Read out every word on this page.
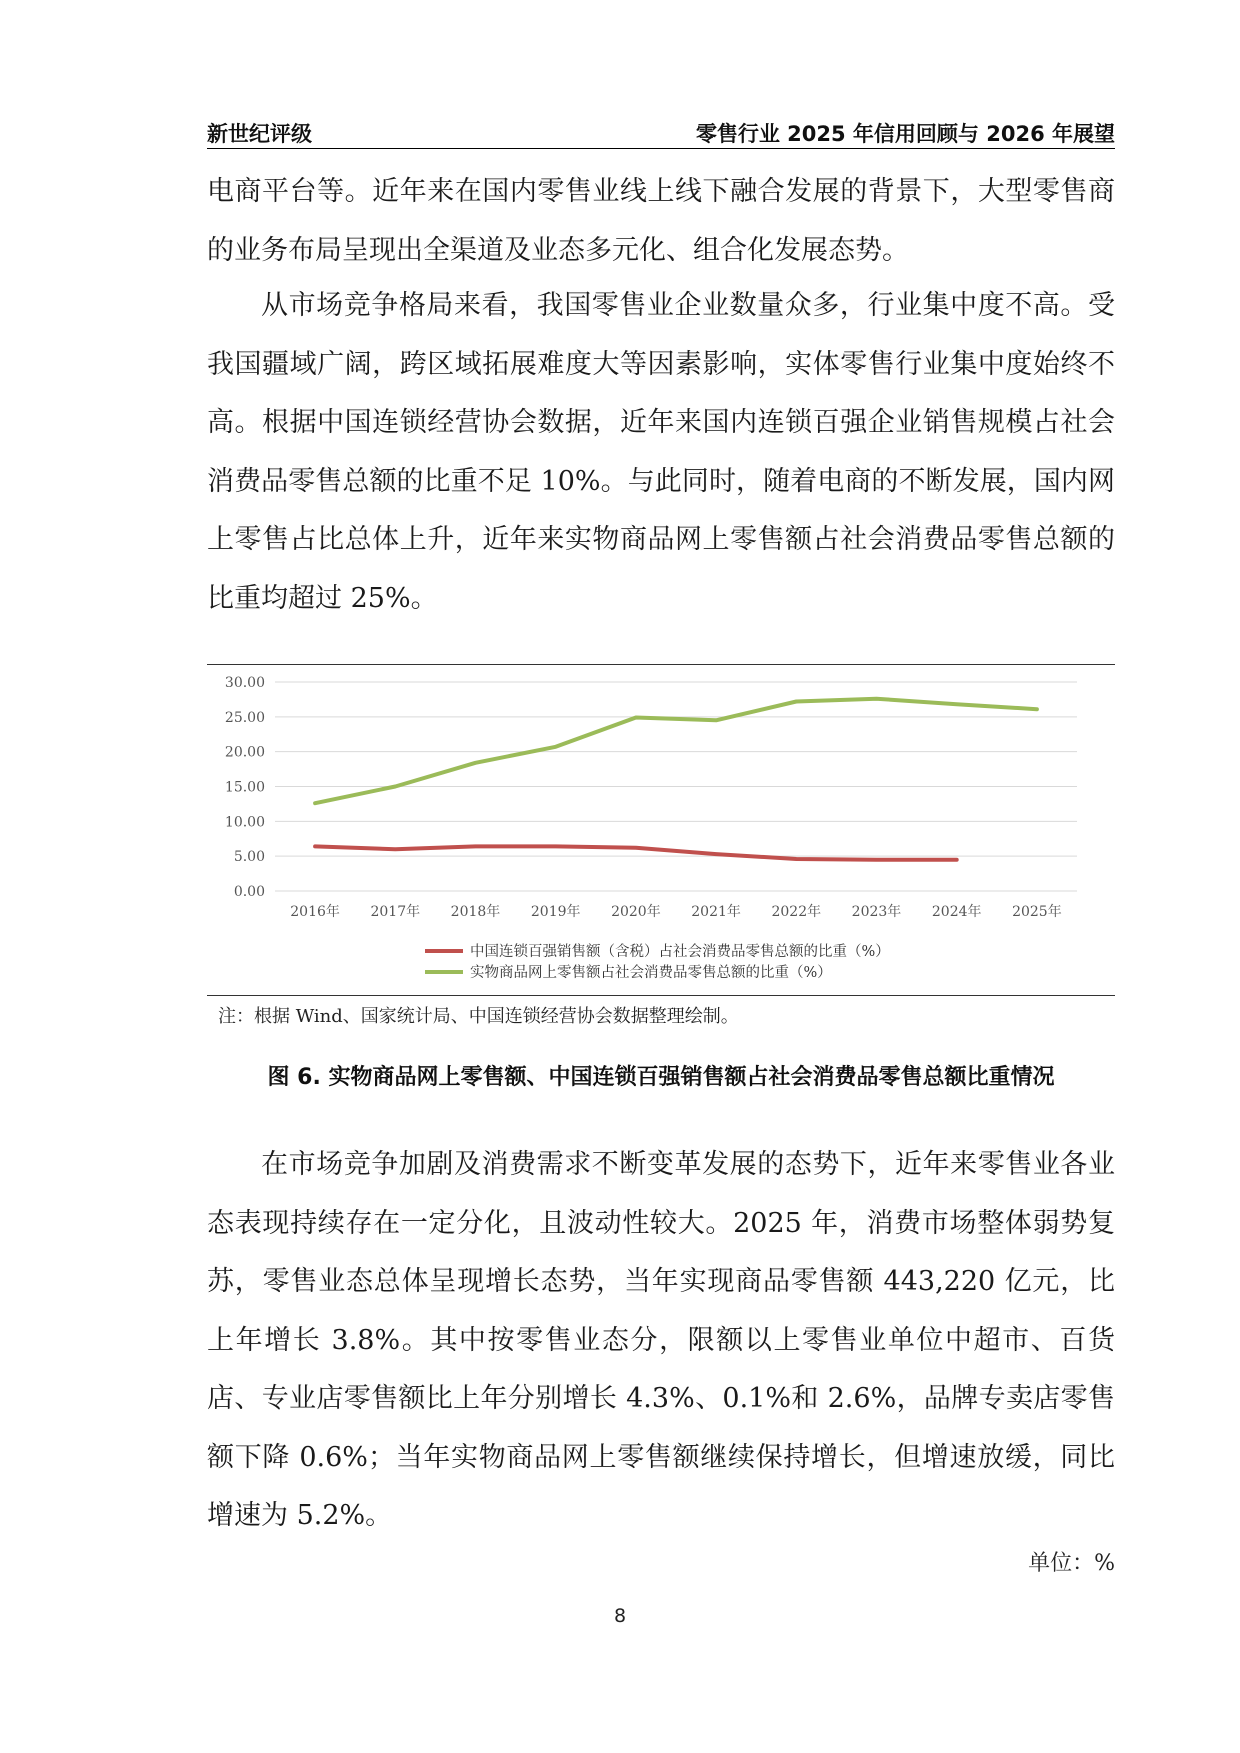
新世纪评级	零售行业 2025 年信用回顾与 2026 年展望

电商平台等。近年来在国内零售业线上线下融合发展的背景下，大型零售商的业务布局呈现出全渠道及业态多元化、组合化发展态势。

从市场竞争格局来看，我国零售业企业数量众多，行业集中度不高。受我国疆域广阔，跨区域拓展难度大等因素影响，实体零售行业集中度始终不高。根据中国连锁经营协会数据，近年来国内连锁百强企业销售规模占社会消费品零售总额的比重不足 10%。与此同时，随着电商的不断发展，国内网上零售占比总体上升，近年来实物商品网上零售额占社会消费品零售总额的比重均超过 25%。

0.00
5.00
10.00
15.00
20.00
25.00
30.00
2016年 2017年 2018年 2019年 2020年 2021年 2022年 2023年 2024年 2025年
中国连锁百强销售额（含税）占社会消费品零售总额的比重（%）
实物商品网上零售额占社会消费品零售总额的比重（%）
注：根据 Wind、国家统计局、中国连锁经营协会数据整理绘制。
图 6. 实物商品网上零售额、中国连锁百强销售额占社会消费品零售总额比重情况

在市场竞争加剧及消费需求不断变革发展的态势下，近年来零售业各业态表现持续存在一定分化，且波动性较大。2025 年，消费市场整体弱势复苏，零售业态总体呈现增长态势，当年实现商品零售额 443,220 亿元，比上年增长 3.8%。其中按零售业态分，限额以上零售业单位中超市、百货店、专业店零售额比上年分别增长 4.3%、0.1%和 2.6%，品牌专卖店零售额下降 0.6%；当年实物商品网上零售额继续保持增长，但增速放缓，同比增速为 5.2%。

单位：%
8
